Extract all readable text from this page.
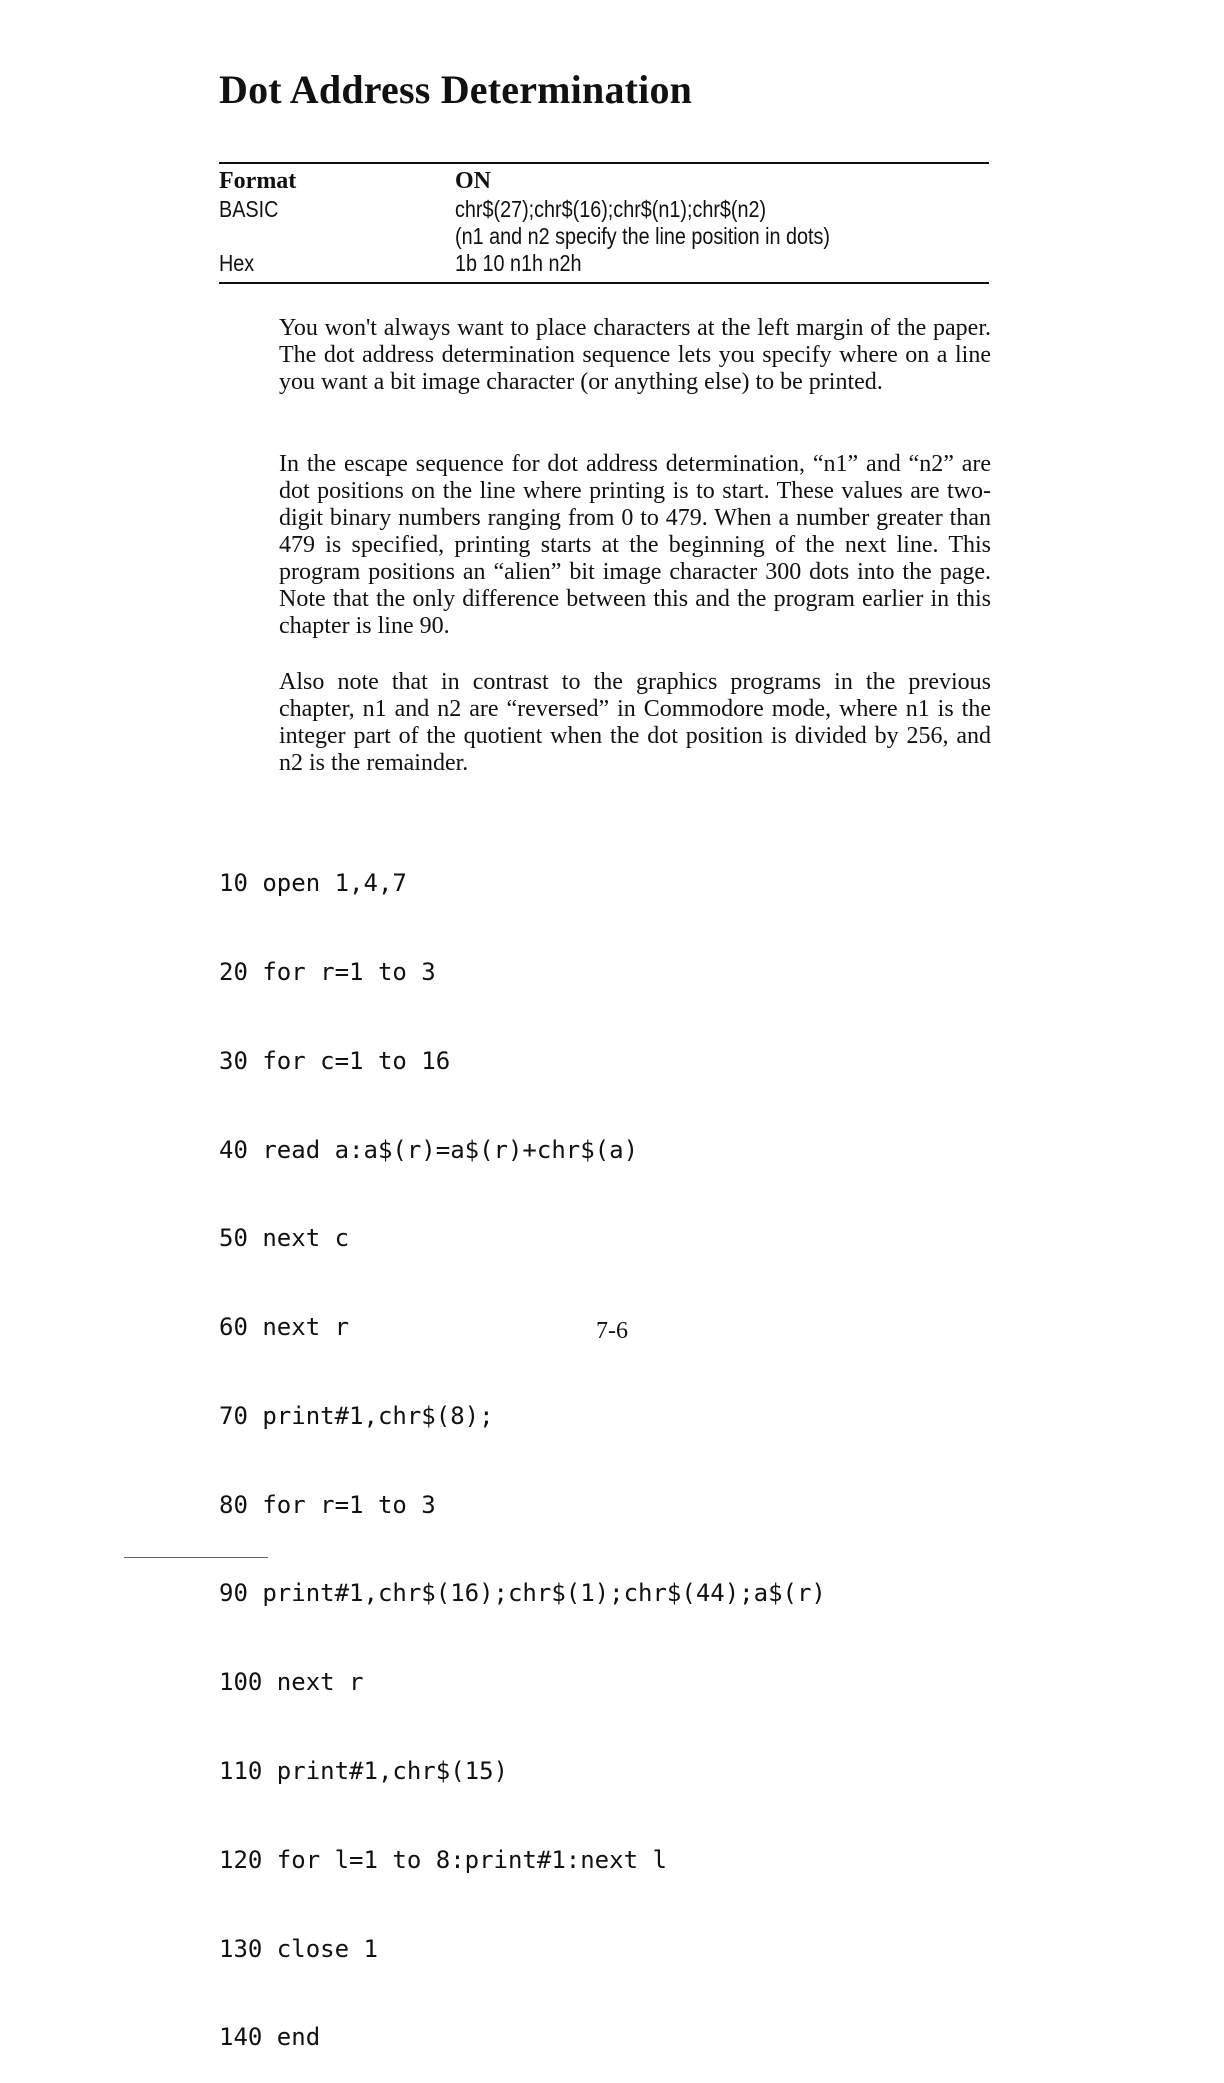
Dot Address Determination
Format	ON
BASIC	chr$(27);chr$(16);chr$(n1);chr$(n2)
(n1 and n2 specify the line position in dots)
Hex	1b 10 n1h n2h

You won't always want to place characters at the left margin of the paper. The dot address determination sequence lets you specify where on a line you want a bit image character (or anything else) to be printed.

In the escape sequence for dot address determination, “n1” and “n2” are dot positions on the line where printing is to start. These values are two-digit binary numbers ranging from 0 to 479. When a number greater than 479 is specified, printing starts at the beginning of the next line. This program positions an “alien” bit image character 300 dots into the page. Note that the only difference between this and the program earlier in this chapter is line 90.

Also note that in contrast to the graphics programs in the previous chapter, n1 and n2 are “reversed” in Commodore mode, where n1 is the integer part of the quotient when the dot position is divided by 256, and n2 is the remainder.

10 open 1,4,7

20 for r=1 to 3

30 for c=1 to 16

40 read a:a$(r)=a$(r)+chr$(a)

50 next c

60 next r

70 print#1,chr$(8);

80 for r=1 to 3

90 print#1,chr$(16);chr$(1);chr$(44);a$(r)

100 next r

110 print#1,chr$(15)

120 for l=1 to 8:print#1:next l

130 close 1

140 end

7-6
